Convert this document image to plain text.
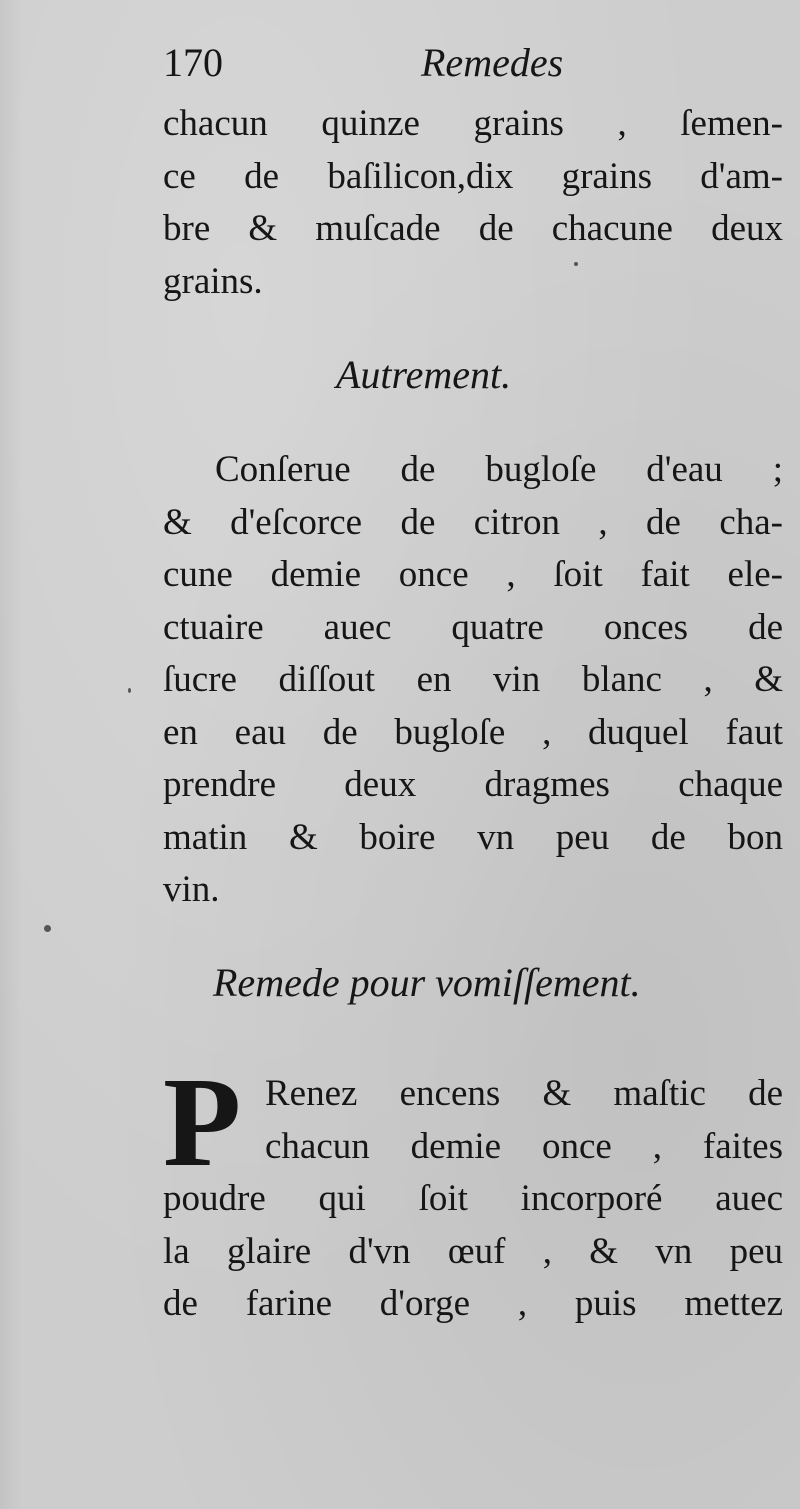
170	Remedes
chacun quinze grains , ſemen-
ce de baſilicon,dix grains d'am-
bre & muſcade de chacune deux
grains.
Autrement.
Conſerue de bugloſe d'eau ;
& d'eſcorce de citron , de cha-
cune demie once , ſoit fait ele-
ctuaire auec quatre onces de
ſucre diſſout en vin blanc , &
en eau de bugloſe , duquel faut
prendre deux dragmes chaque
matin & boire vn peu de bon
vin.
Remede pour vomiſſement.
P Renez encens & maſtic de
chacun demie once , faites
poudre qui ſoit incorporé auec
la glaire d'vn œuf , & vn peu
de farine d'orge , puis mettez
